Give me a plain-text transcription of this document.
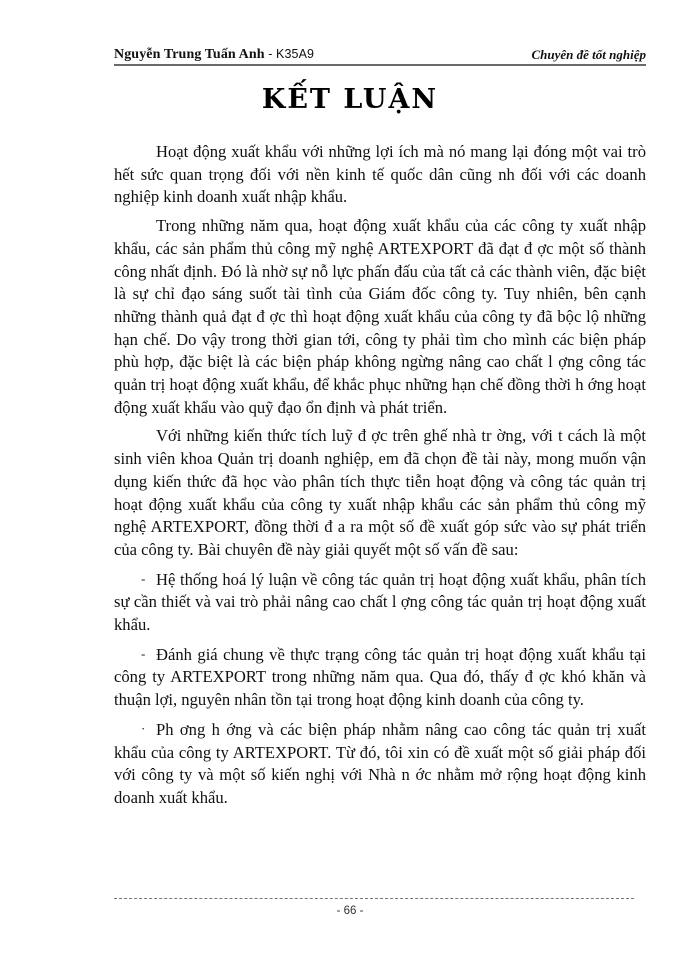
Nguyễn Trung Tuấn Anh - K35A9	Chuyên đề tốt nghiệp
KẾT LUẬN

Hoạt động xuất khẩu với những lợi ích mà nó mang lại đóng một vai trò hết sức quan trọng đối với nền kinh tế quốc dân cũng nh đối với các doanh nghiệp kinh doanh xuất nhập khẩu.

Trong những năm qua, hoạt động xuất khẩu của các công ty xuất nhập khẩu, các sản phẩm thủ công mỹ nghệ ARTEXPORT đã đạt đ ợc một số thành công nhất định. Đó là nhờ sự nỗ lực phấn đấu của tất cả các thành viên, đặc biệt là sự chỉ đạo sáng suốt tài tình của Giám đốc công ty. Tuy nhiên, bên cạnh những thành quả đạt đ ợc thì hoạt động xuất khẩu của công ty đã bộc lộ những hạn chế. Do vậy trong thời gian tới, công ty phải tìm cho mình các biện pháp phù hợp, đặc biệt là các biện pháp không ngừng nâng cao chất l ợng công tác quản trị hoạt động xuất khẩu, để khắc phục những hạn chế đồng thời h ớng hoạt động xuất khẩu vào quỹ đạo ổn định và phát triển.

Với những kiến thức tích luỹ đ ợc trên ghế nhà tr ờng, với t cách là một sinh viên khoa Quản trị doanh nghiệp, em đã chọn đề tài này, mong muốn vận dụng kiến thức đã học vào phân tích thực tiễn hoạt động và công tác quản trị hoạt động xuất khẩu của công ty xuất nhập khẩu các sản phẩm thủ công mỹ nghệ ARTEXPORT, đồng thời đ a ra một số đề xuất góp sức vào sự phát triển của công ty. Bài chuyên đề này giải quyết một số vấn đề sau:

- Hệ thống hoá lý luận về công tác quản trị hoạt động xuất khẩu, phân tích sự cần thiết và vai trò phải nâng cao chất l ợng công tác quản trị hoạt động xuất khẩu.

- Đánh giá chung về thực trạng công tác quản trị hoạt động xuất khẩu tại công ty ARTEXPORT trong những năm qua. Qua đó, thấy đ ợc khó khăn và thuận lợi, nguyên nhân tồn tại trong hoạt động kinh doanh của công ty.

· Ph ơng h ớng và các biện pháp nhằm nâng cao công tác quản trị xuất khẩu của công ty ARTEXPORT. Từ đó, tôi xin có đề xuất một số giải pháp đối với công ty và một số kiến nghị với Nhà n ớc nhằm mở rộng hoạt động kinh doanh xuất khẩu.

- 66 -
